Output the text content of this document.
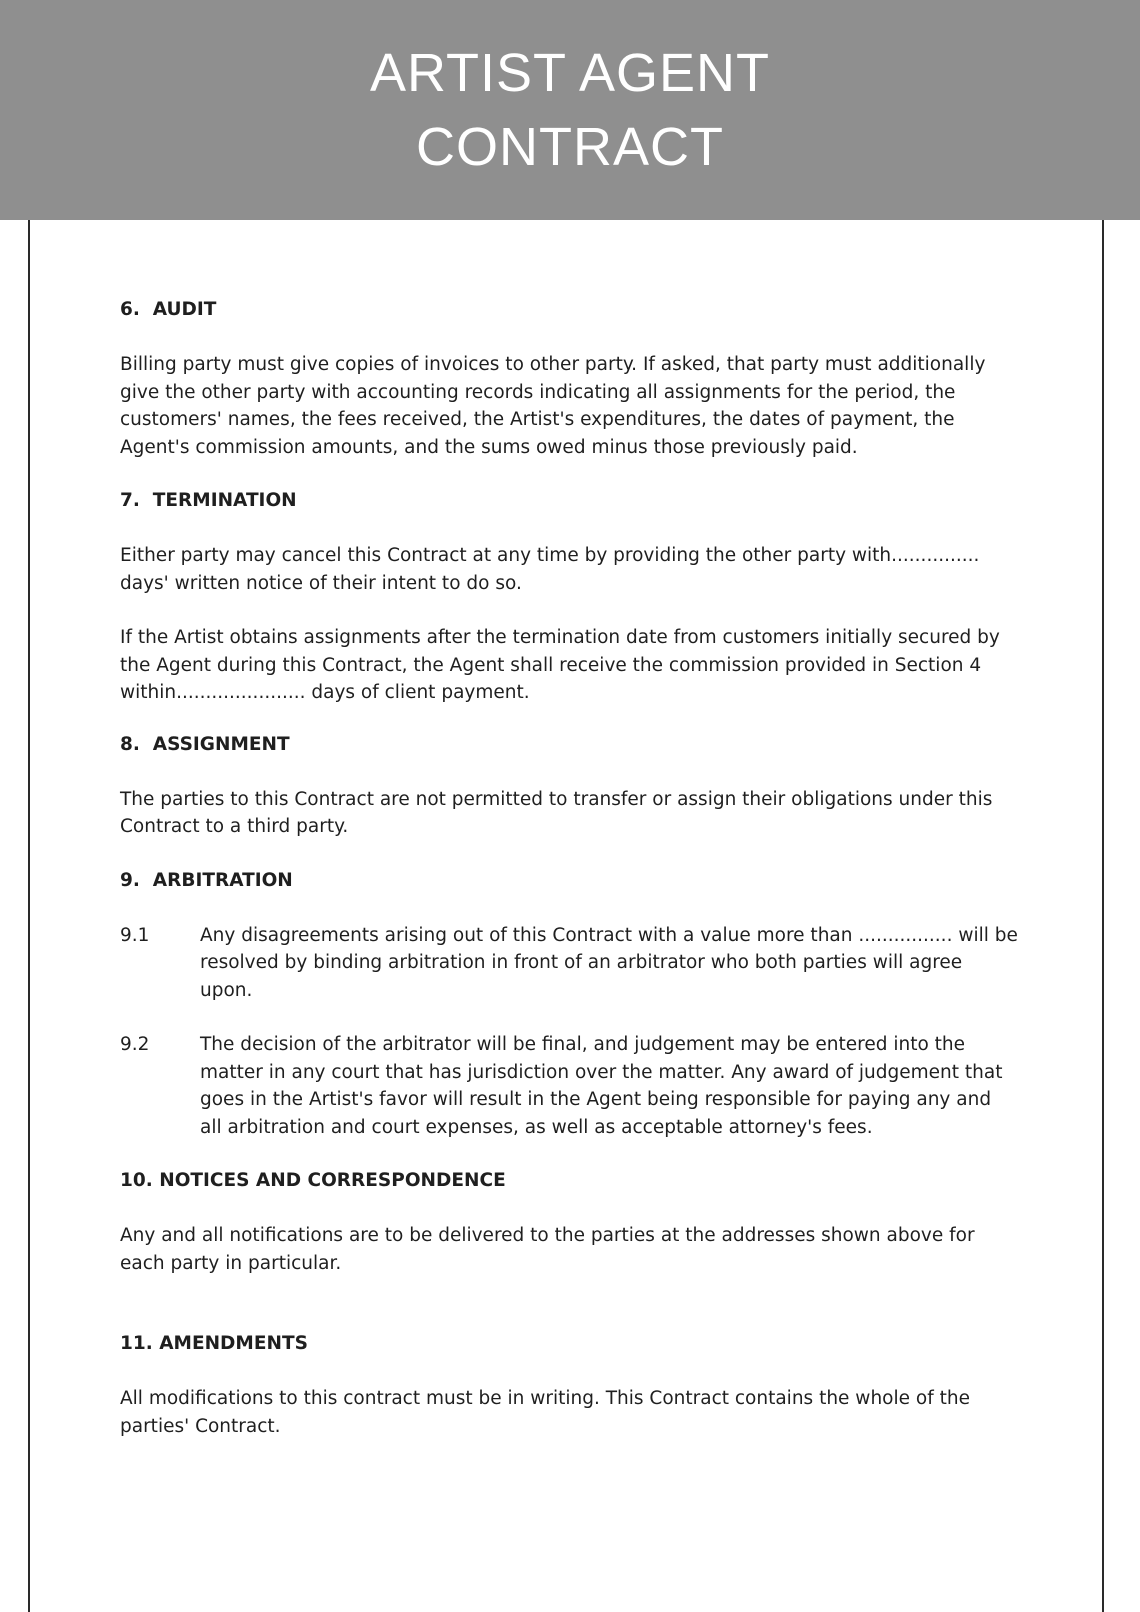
ARTIST AGENT
CONTRACT
6.  AUDIT
Billing party must give copies of invoices to other party. If asked, that party must additionally
give the other party with accounting records indicating all assignments for the period, the
customers' names, the fees received, the Artist's expenditures, the dates of payment, the
Agent's commission amounts, and the sums owed minus those previously paid.
7.  TERMINATION
Either party may cancel this Contract at any time by providing the other party with...............
days' written notice of their intent to do so.
If the Artist obtains assignments after the termination date from customers initially secured by
the Agent during this Contract, the Agent shall receive the commission provided in Section 4
within...................... days of client payment.
8.  ASSIGNMENT
The parties to this Contract are not permitted to transfer or assign their obligations under this
Contract to a third party.
9.  ARBITRATION
9.1	Any disagreements arising out of this Contract with a value more than ................ will be
resolved by binding arbitration in front of an arbitrator who both parties will agree
upon.
9.2	The decision of the arbitrator will be final, and judgement may be entered into the
matter in any court that has jurisdiction over the matter. Any award of judgement that
goes in the Artist's favor will result in the Agent being responsible for paying any and
all arbitration and court expenses, as well as acceptable attorney's fees.
10. NOTICES AND CORRESPONDENCE
Any and all notifications are to be delivered to the parties at the addresses shown above for
each party in particular.
11. AMENDMENTS
All modifications to this contract must be in writing. This Contract contains the whole of the
parties' Contract.
